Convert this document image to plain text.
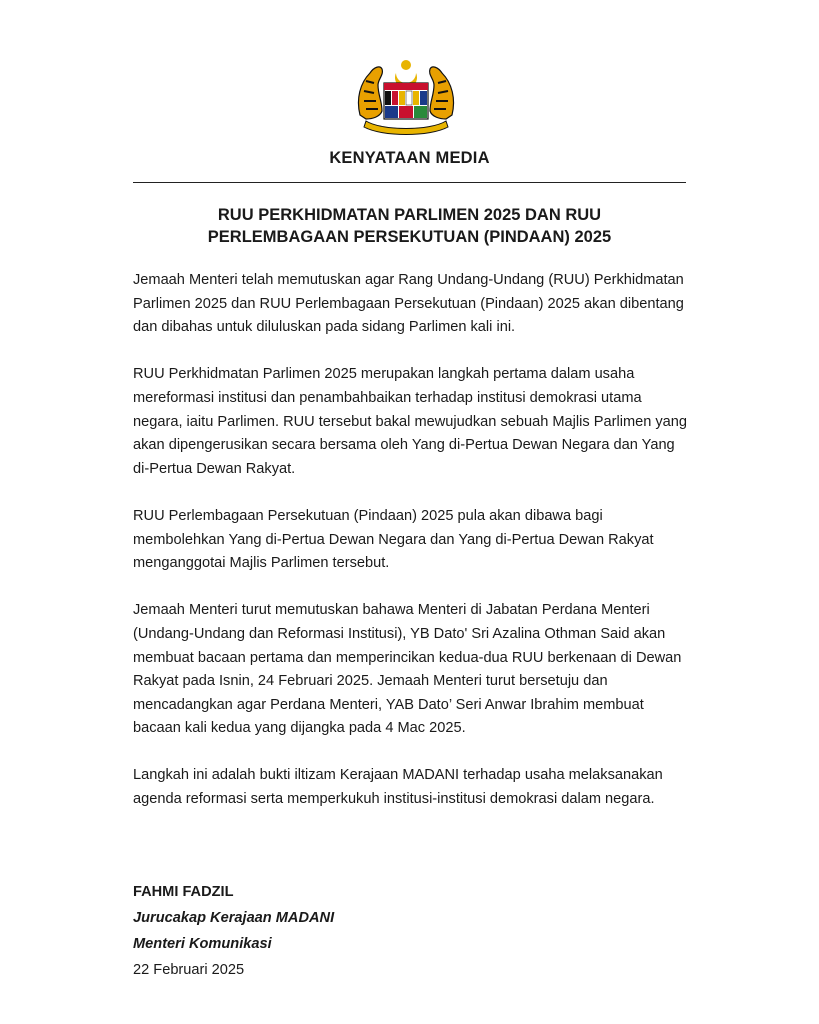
KENYATAAN MEDIA
RUU PERKHIDMATAN PARLIMEN 2025 DAN RUU
PERLEMBAGAAN PERSEKUTUAN (PINDAAN) 2025

Jemaah Menteri telah memutuskan agar Rang Undang-Undang (RUU) Perkhidmatan Parlimen 2025 dan RUU Perlembagaan Persekutuan (Pindaan) 2025 akan dibentang dan dibahas untuk diluluskan pada sidang Parlimen kali ini.

RUU Perkhidmatan Parlimen 2025 merupakan langkah pertama dalam usaha mereformasi institusi dan penambahbaikan terhadap institusi demokrasi utama negara, iaitu Parlimen. RUU tersebut bakal mewujudkan sebuah Majlis Parlimen yang akan dipengerusikan secara bersama oleh Yang di-Pertua Dewan Negara dan Yang di-Pertua Dewan Rakyat.

RUU Perlembagaan Persekutuan (Pindaan) 2025 pula akan dibawa bagi membolehkan Yang di-Pertua Dewan Negara dan Yang di-Pertua Dewan Rakyat menganggotai Majlis Parlimen tersebut.

Jemaah Menteri turut memutuskan bahawa Menteri di Jabatan Perdana Menteri (Undang-Undang dan Reformasi Institusi), YB Dato' Sri Azalina Othman Said akan membuat bacaan pertama dan memperincikan kedua-dua RUU berkenaan di Dewan Rakyat pada Isnin, 24 Februari 2025. Jemaah Menteri turut bersetuju dan mencadangkan agar Perdana Menteri, YAB Dato’ Seri Anwar Ibrahim membuat bacaan kali kedua yang dijangka pada 4 Mac 2025.

Langkah ini adalah bukti iltizam Kerajaan MADANI terhadap usaha melaksanakan agenda reformasi serta memperkukuh institusi-institusi demokrasi dalam negara.

FAHMI FADZIL
Jurucakap Kerajaan MADANI
Menteri Komunikasi
22 Februari 2025
